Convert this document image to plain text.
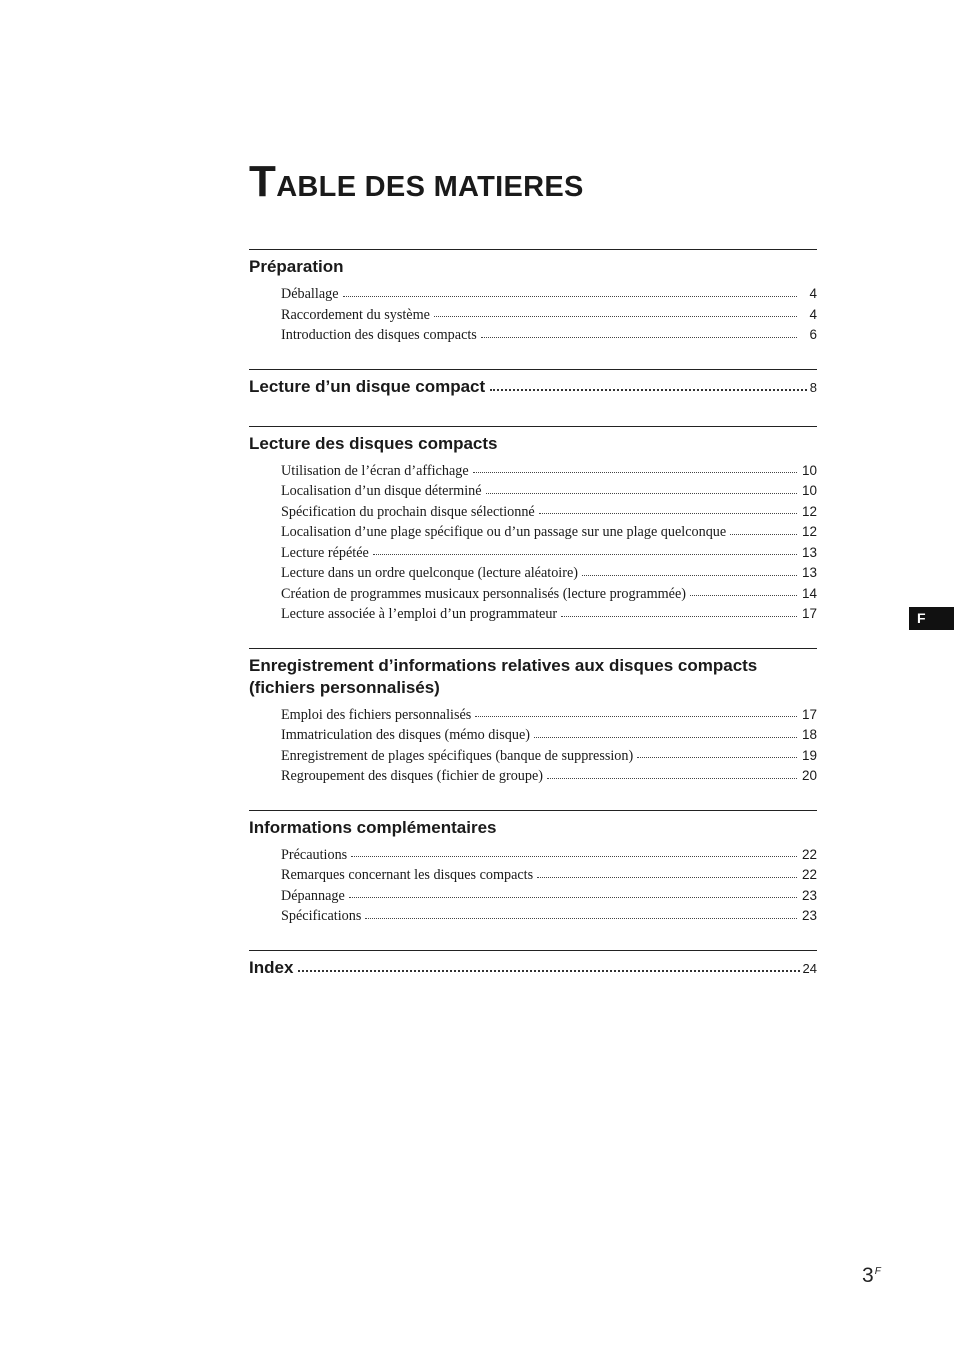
TABLE DES MATIERES
Préparation
Déballage	4
Raccordement du système	4
Introduction des disques compacts	6
Lecture d’un disque compact	8
Lecture des disques compacts
Utilisation de l’écran d’affichage	10
Localisation d’un disque déterminé	10
Spécification du prochain disque sélectionné	12
Localisation d’une plage spécifique ou d’un passage sur une plage quelconque	12
Lecture répétée	13
Lecture dans un ordre quelconque (lecture aléatoire)	13
Création de programmes musicaux personnalisés (lecture programmée)	14
Lecture associée à l’emploi d’un programmateur	17
Enregistrement d’informations relatives aux disques compacts (fichiers personnalisés)
Emploi des fichiers personnalisés	17
Immatriculation des disques (mémo disque)	18
Enregistrement de plages spécifiques (banque de suppression)	19
Regroupement des disques (fichier de groupe)	20
Informations complémentaires
Précautions	22
Remarques concernant les disques compacts	22
Dépannage	23
Spécifications	23
Index	24
F
$3^F$
